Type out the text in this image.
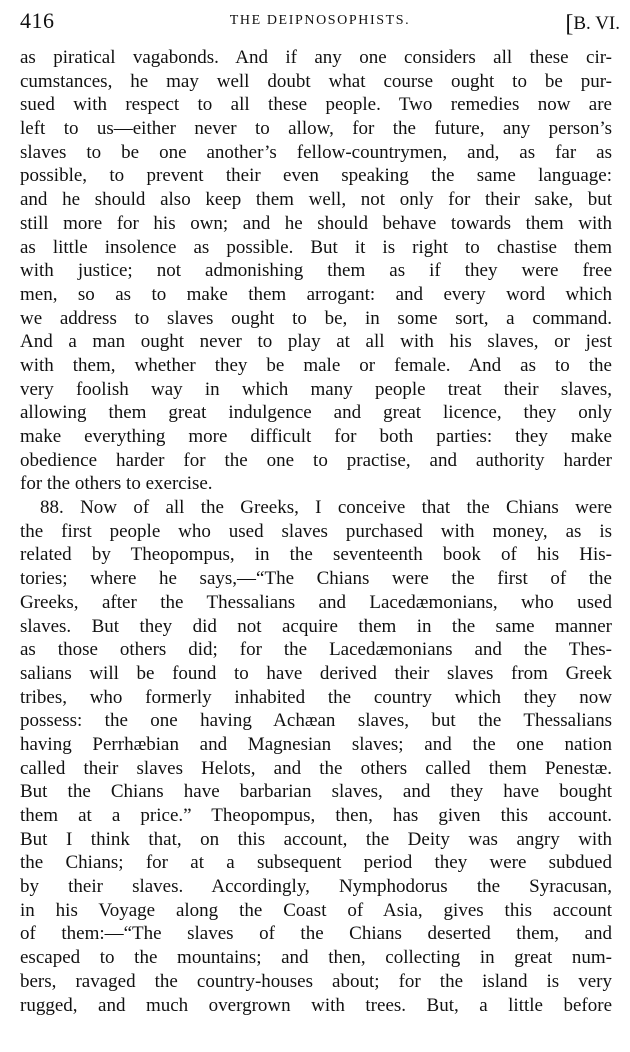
416	THE DEIPNOSOPHISTS.	[B. VI.
as piratical vagabonds. And if any one considers all these cir-
cumstances, he may well doubt what course ought to be pur-
sued with respect to all these people. Two remedies now are
left to us—either never to allow, for the future, any person’s
slaves to be one another’s fellow-countrymen, and, as far as
possible, to prevent their even speaking the same language:
and he should also keep them well, not only for their sake, but
still more for his own; and he should behave towards them with
as little insolence as possible. But it is right to chastise them
with justice; not admonishing them as if they were free
men, so as to make them arrogant: and every word which
we address to slaves ought to be, in some sort, a command.
And a man ought never to play at all with his slaves, or jest
with them, whether they be male or female. And as to the
very foolish way in which many people treat their slaves,
allowing them great indulgence and great licence, they only
make everything more difficult for both parties: they make
obedience harder for the one to practise, and authority harder
for the others to exercise.
88. Now of all the Greeks, I conceive that the Chians were
the first people who used slaves purchased with money, as is
related by Theopompus, in the seventeenth book of his His-
tories; where he says,—“The Chians were the first of the
Greeks, after the Thessalians and Lacedæmonians, who used
slaves. But they did not acquire them in the same manner
as those others did; for the Lacedæmonians and the Thes-
salians will be found to have derived their slaves from Greek
tribes, who formerly inhabited the country which they now
possess: the one having Achæan slaves, but the Thessalians
having Perrhæbian and Magnesian slaves; and the one nation
called their slaves Helots, and the others called them Penestæ.
But the Chians have barbarian slaves, and they have bought
them at a price.” Theopompus, then, has given this account.
But I think that, on this account, the Deity was angry with
the Chians; for at a subsequent period they were subdued
by their slaves. Accordingly, Nymphodorus the Syracusan,
in his Voyage along the Coast of Asia, gives this account
of them:—“The slaves of the Chians deserted them, and
escaped to the mountains; and then, collecting in great num-
bers, ravaged the country-houses about; for the island is very
rugged, and much overgrown with trees. But, a little before
